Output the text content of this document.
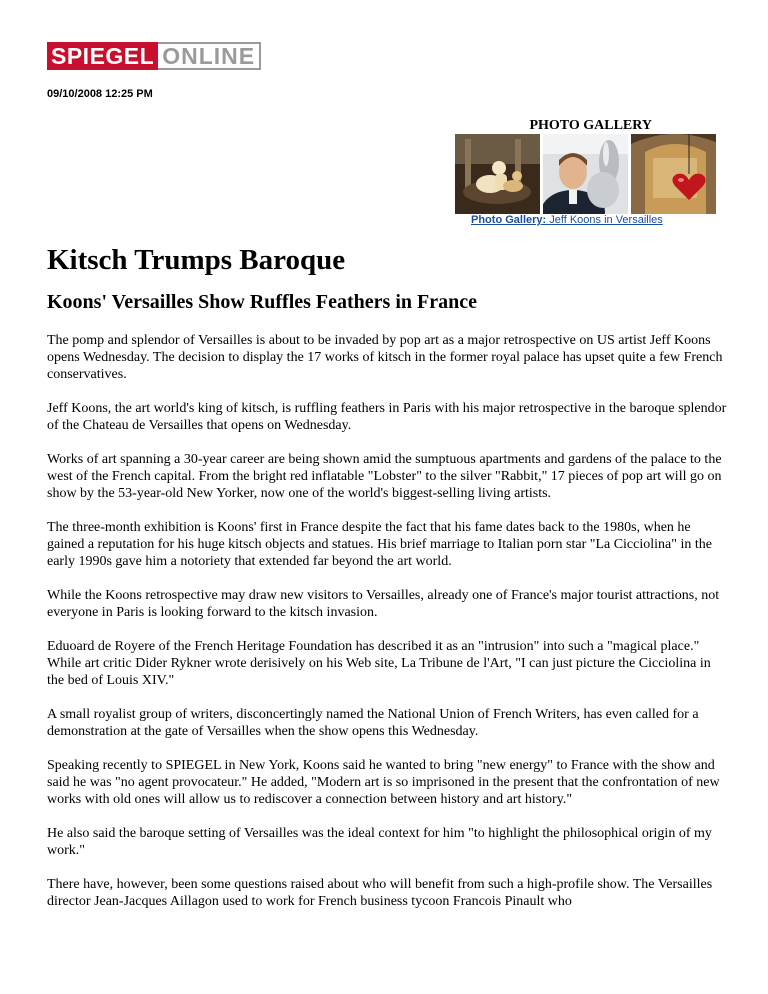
SPIEGEL ONLINE
09/10/2008 12:25 PM
PHOTO GALLERY
Photo Gallery: Jeff Koons in Versailles
Kitsch Trumps Baroque
Koons' Versailles Show Ruffles Feathers in France

The pomp and splendor of Versailles is about to be invaded by pop art as a major retrospective on US artist Jeff Koons opens Wednesday. The decision to display the 17 works of kitsch in the former royal palace has upset quite a few French conservatives.

Jeff Koons, the art world's king of kitsch, is ruffling feathers in Paris with his major retrospective in the baroque splendor of the Chateau de Versailles that opens on Wednesday.

Works of art spanning a 30-year career are being shown amid the sumptuous apartments and gardens of the palace to the west of the French capital. From the bright red inflatable "Lobster" to the silver "Rabbit," 17 pieces of pop art will go on show by the 53-year-old New Yorker, now one of the world's biggest-selling living artists.

The three-month exhibition is Koons' first in France despite the fact that his fame dates back to the 1980s, when he gained a reputation for his huge kitsch objects and statues. His brief marriage to Italian porn star "La Cicciolina" in the early 1990s gave him a notoriety that extended far beyond the art world.

While the Koons retrospective may draw new visitors to Versailles, already one of France's major tourist attractions, not everyone in Paris is looking forward to the kitsch invasion.

Eduoard de Royere of the French Heritage Foundation has described it as an "intrusion" into such a "magical place." While art critic Dider Rykner wrote derisively on his Web site, La Tribune de l'Art, "I can just picture the Cicciolina in the bed of Louis XIV."

A small royalist group of writers, disconcertingly named the National Union of French Writers, has even called for a demonstration at the gate of Versailles when the show opens this Wednesday.

Speaking recently to SPIEGEL in New York, Koons said he wanted to bring "new energy" to France with the show and said he was "no agent provocateur." He added, "Modern art is so imprisoned in the present that the confrontation of new works with old ones will allow us to rediscover a connection between history and art history."

He also said the baroque setting of Versailles was the ideal context for him "to highlight the philosophical origin of my work."

There have, however, been some questions raised about who will benefit from such a high-profile show. The Versailles director Jean-Jacques Aillagon used to work for French business tycoon Francois Pinault who
